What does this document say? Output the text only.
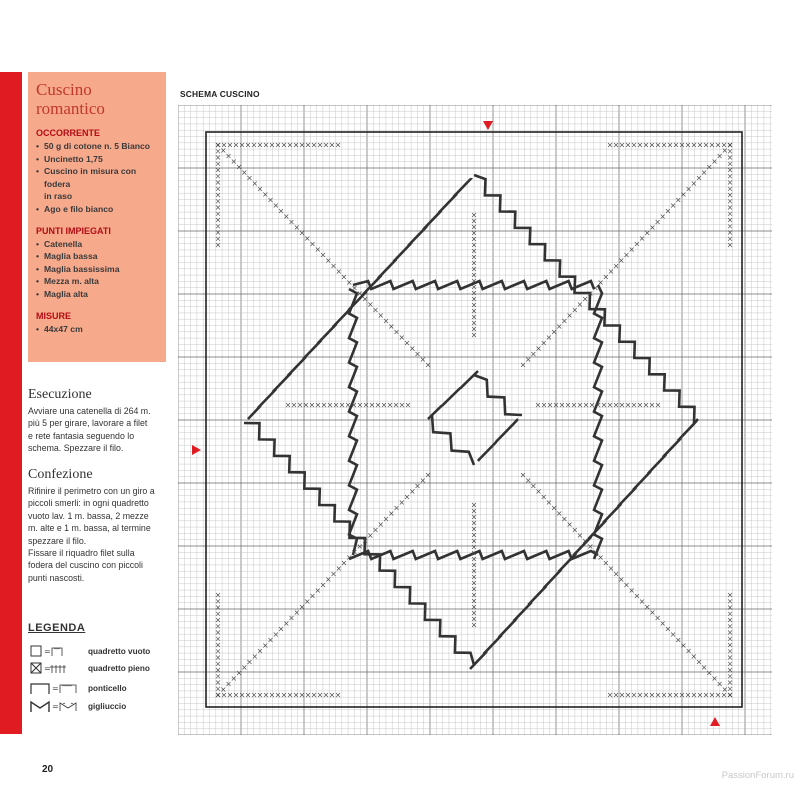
Cuscino
romantico
OCCORRENTE
• 50 g di cotone n. 5 Bianco
• Uncinetto 1,75
• Cuscino in misura con fodera
in raso
• Ago e filo bianco
PUNTI IMPIEGATI
• Catenella
• Maglia bassa
• Maglia bassissima
• Mezza m. alta
• Maglia alta
MISURE
• 44x47 cm
Esecuzione
Avviare una catenella di 264 m.
più 5 per girare, lavorare a filet
e rete fantasia seguendo lo
schema. Spezzare il filo.
Confezione
Rifinire il perimetro con un giro a
piccoli smerli: in ogni quadretto
vuoto lav. 1 m. bassa, 2 mezze
m. alte e 1 m. bassa, al termine
spezzare il filo.
Fissare il riquadro filet sulla
fodera del cuscino con piccoli
punti nascosti.
LEGENDA
=	quadretto vuoto
=	quadretto pieno
=	ponticello
=	gigliuccio
SCHEMA CUSCINO
20
PassionForum.ru
